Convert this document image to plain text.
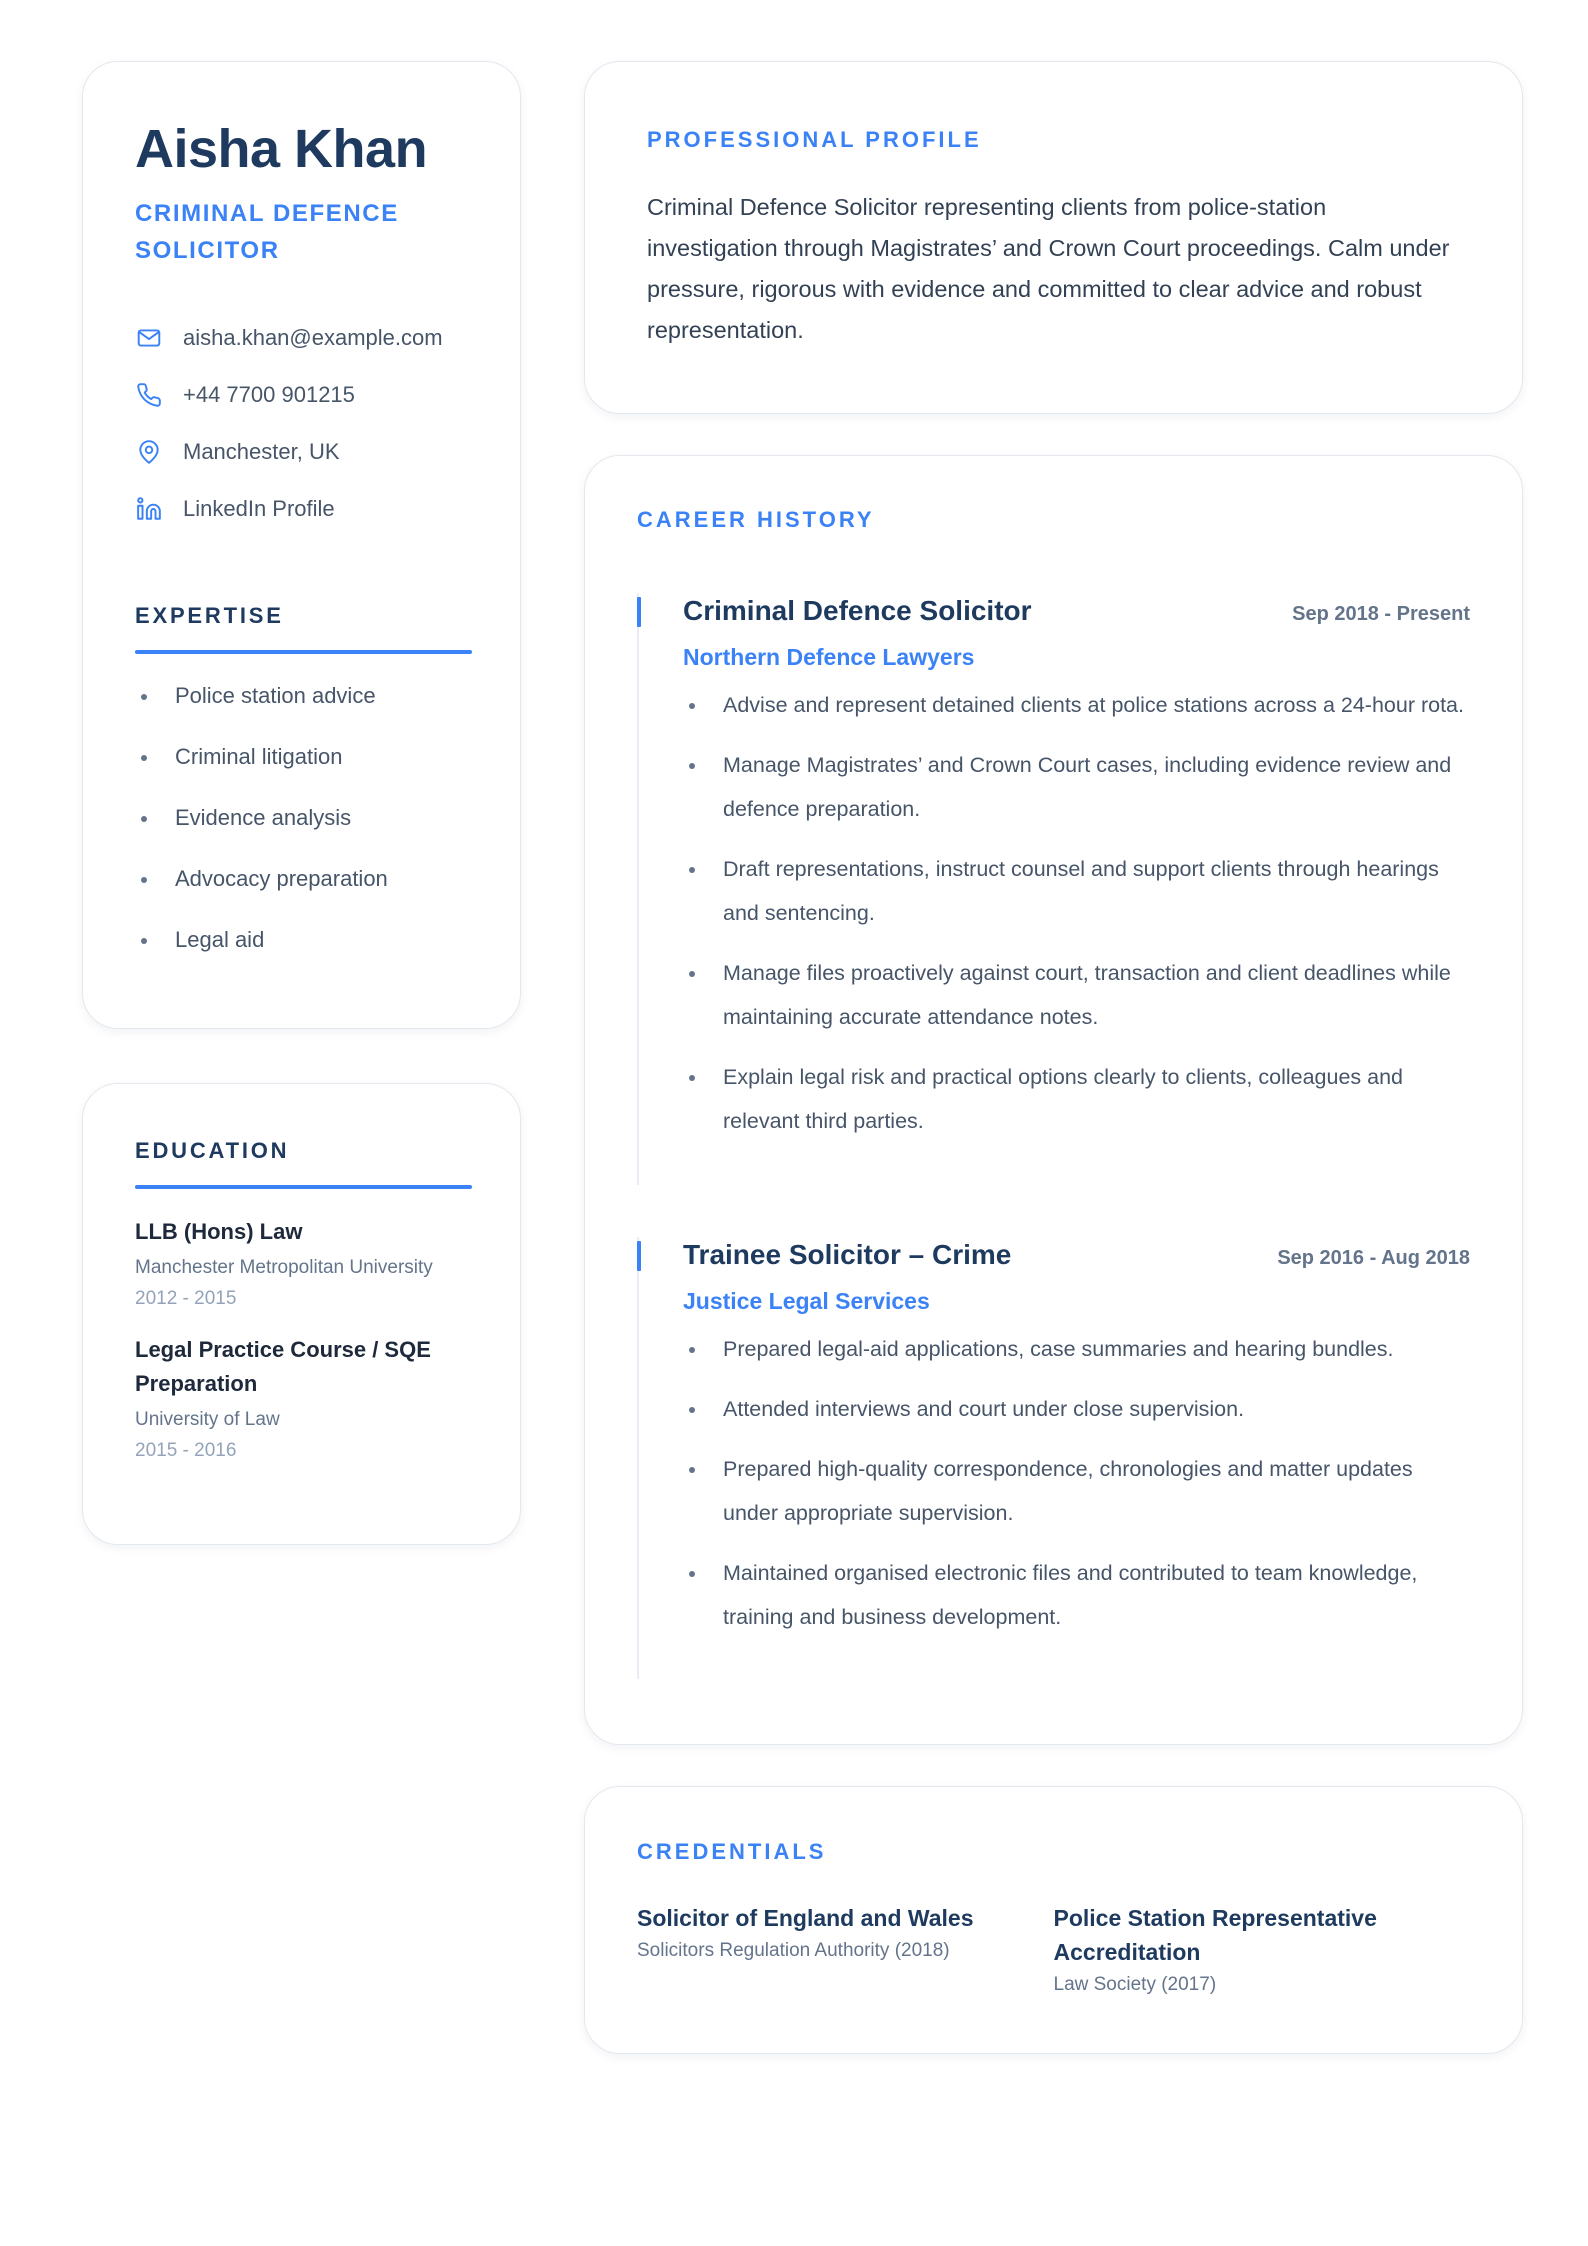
Aisha Khan
CRIMINAL DEFENCE SOLICITOR
aisha.khan@example.com
+44 7700 901215
Manchester, UK
LinkedIn Profile
EXPERTISE
Police station advice
Criminal litigation
Evidence analysis
Advocacy preparation
Legal aid
EDUCATION
LLB (Hons) Law
Manchester Metropolitan University
2012 - 2015
Legal Practice Course / SQE Preparation
University of Law
2015 - 2016
PROFESSIONAL PROFILE

Criminal Defence Solicitor representing clients from police-station investigation through Magistrates’ and Crown Court proceedings. Calm under pressure, rigorous with evidence and committed to clear advice and robust representation.

CAREER HISTORY
Criminal Defence Solicitor	Sep 2018 - Present
Northern Defence Lawyers
Advise and represent detained clients at police stations across a 24-hour rota.
Manage Magistrates’ and Crown Court cases, including evidence review and defence preparation.
Draft representations, instruct counsel and support clients through hearings and sentencing.
Manage files proactively against court, transaction and client deadlines while maintaining accurate attendance notes.
Explain legal risk and practical options clearly to clients, colleagues and relevant third parties.
Trainee Solicitor – Crime	Sep 2016 - Aug 2018
Justice Legal Services
Prepared legal-aid applications, case summaries and hearing bundles.
Attended interviews and court under close supervision.
Prepared high-quality correspondence, chronologies and matter updates under appropriate supervision.
Maintained organised electronic files and contributed to team knowledge, training and business development.
CREDENTIALS
Solicitor of England and Wales
Solicitors Regulation Authority (2018)
Police Station Representative Accreditation
Law Society (2017)
